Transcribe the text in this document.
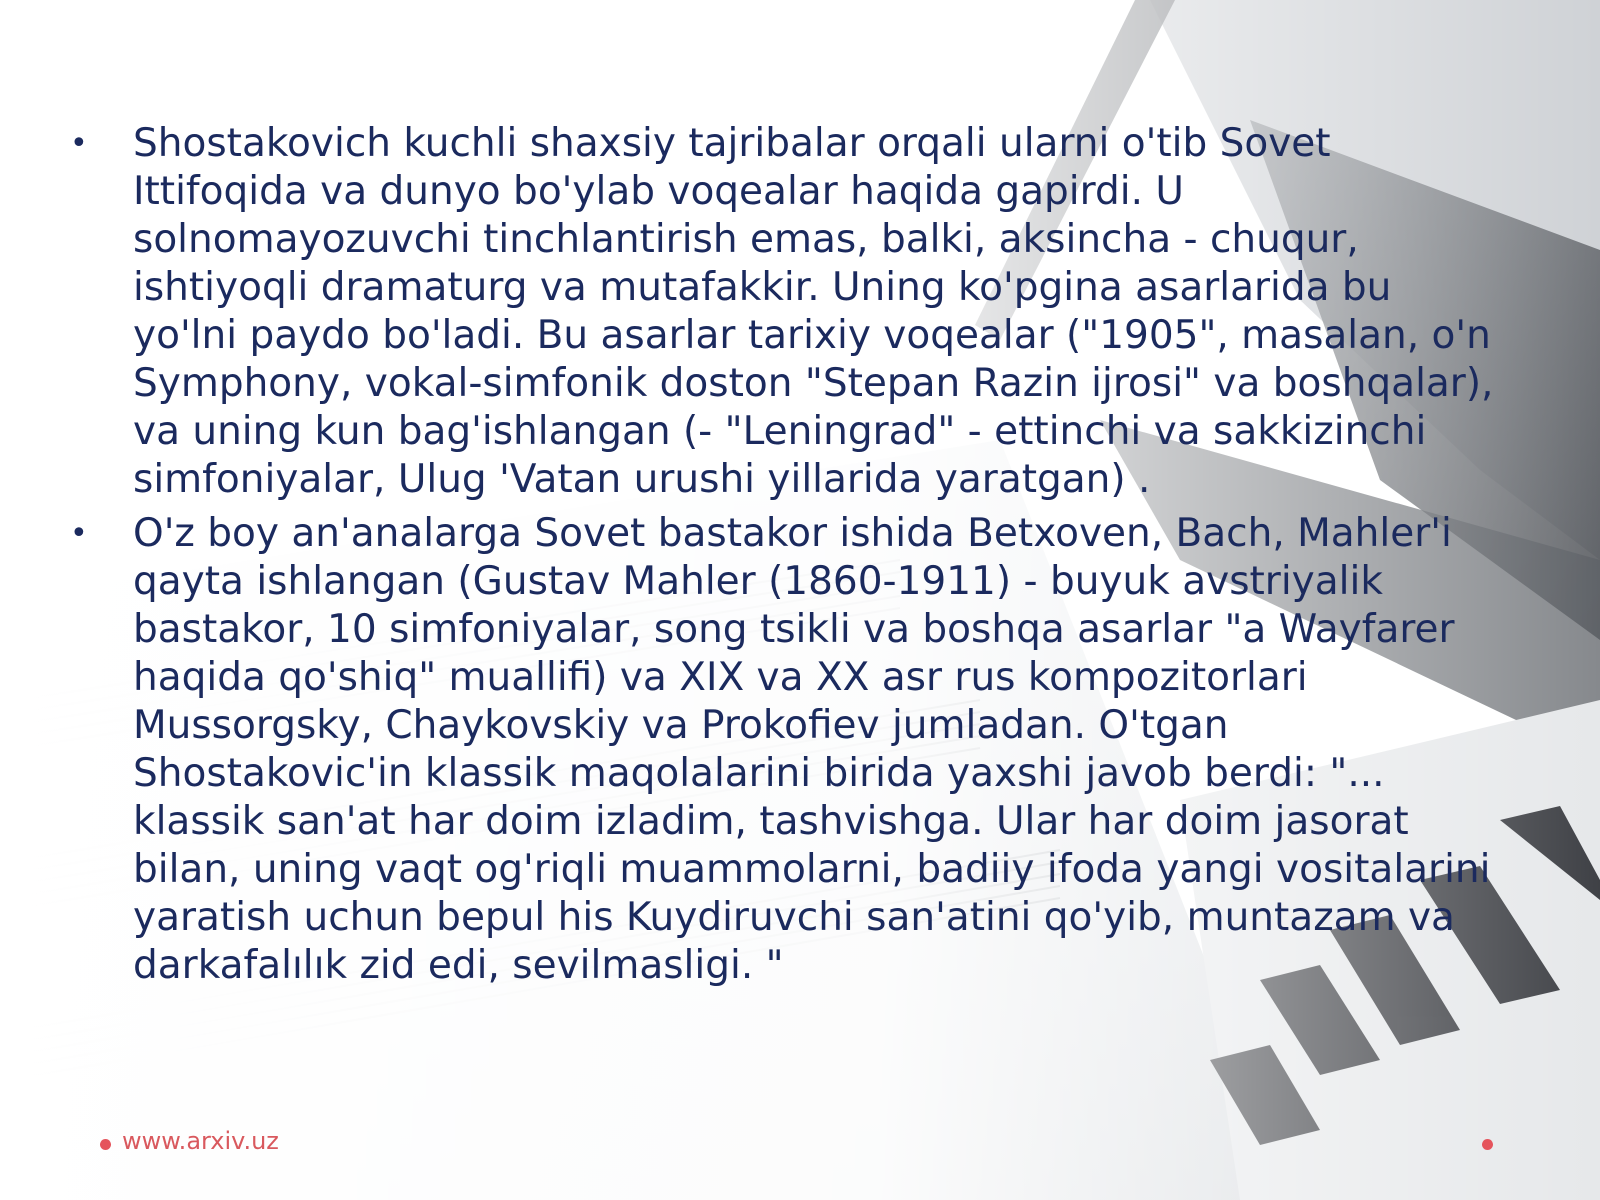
• Shostakovich kuchli shaxsiy tajribalar orqali ularni o'tib Sovet Ittifoqida va dunyo bo'ylab voqealar haqida gapirdi. U solnomayozuvchi tinchlantirish emas, balki, aksincha - chuqur, ishtiyoqli dramaturg va mutafakkir. Uning ko'pgina asarlarida bu yo'lni paydo bo'ladi. Bu asarlar tarixiy voqealar ("1905", masalan, o'n Symphony, vokal-simfonik doston "Stepan Razin ijrosi" va boshqalar), va uning kun bag'ishlangan (- "Leningrad" - ettinchi va sakkizinchi simfoniyalar, Ulug 'Vatan urushi yillarida yaratgan) .
• O'z boy an'analarga Sovet bastakor ishida Betxoven, Bach, Mahler'i qayta ishlangan (Gustav Mahler (1860-1911) - buyuk avstriyalik bastakor, 10 simfoniyalar, song tsikli va boshqa asarlar "a Wayfarer haqida qo'shiq" muallifi) va XIX va XX asr rus kompozitorlari Mussorgsky, Chaykovskiy va Prokofiev jumladan. O'tgan Shostakovic'in klassik maqolalarini birida yaxshi javob berdi: "... klassik san'at har doim izladim, tashvishga. Ular har doim jasorat bilan, uning vaqt og'riqli muammolarni, badiiy ifoda yangi vositalarini yaratish uchun bepul his Kuydiruvchi san'atini qo'yib, muntazam va darkafalılık zid edi, sevilmasligi. "
www.arxiv.uz
